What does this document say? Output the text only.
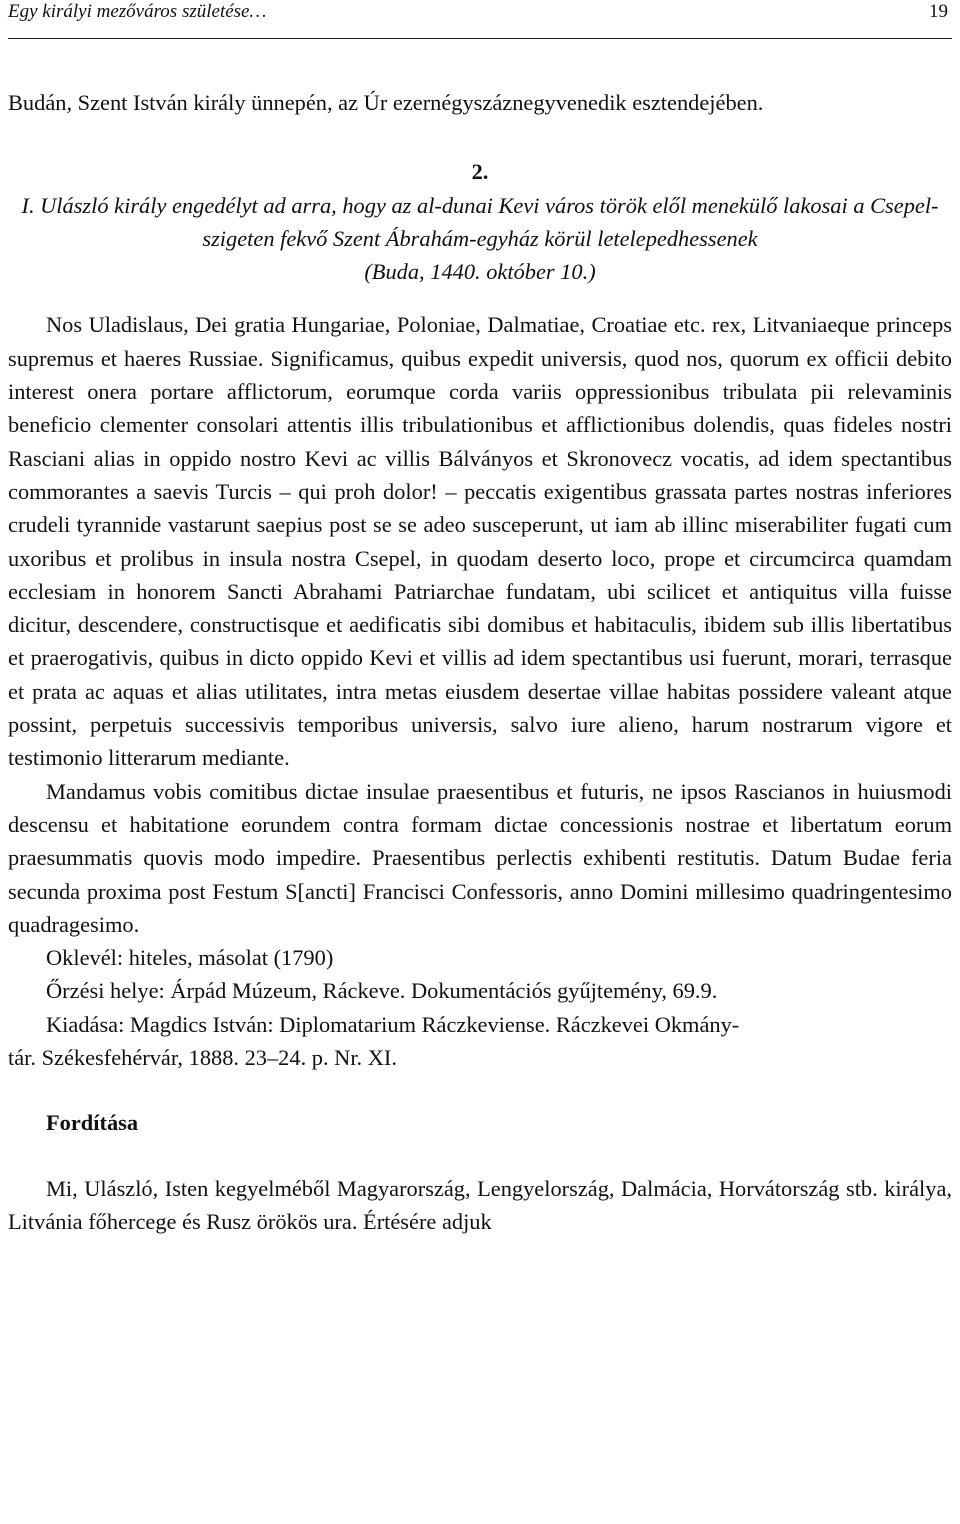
Egy királyi mezőváros születése…	19

Budán, Szent István király ünnepén, az Úr ezernégyszáznegyvenedik esztendejében.

2.

I. Ulászló király engedélyt ad arra, hogy az al-dunai Kevi város török elől menekülő lakosai a Csepel-szigeten fekvő Szent Ábrahám-egyház körül letelepedhessenek

(Buda, 1440. október 10.)

Nos Uladislaus, Dei gratia Hungariae, Poloniae, Dalmatiae, Croatiae etc. rex, Litvaniaeque princeps supremus et haeres Russiae. Significamus, quibus expedit universis, quod nos, quorum ex officii debito interest onera portare afflictorum, eorumque corda variis oppressionibus tribulata pii relevaminis beneficio clementer consolari attentis illis tribulationibus et afflictionibus dolendis, quas fideles nostri Rasciani alias in oppido nostro Kevi ac villis Bálványos et Skronovecz vocatis, ad idem spectantibus commorantes a saevis Turcis – qui proh dolor! – peccatis exigentibus grassata partes nostras inferiores crudeli tyrannide vastarunt saepius post se se adeo susceperunt, ut iam ab illinc miserabiliter fugati cum uxoribus et prolibus in insula nostra Csepel, in quodam deserto loco, prope et circumcirca quamdam ecclesiam in honorem Sancti Abrahami Patriarchae fundatam, ubi scilicet et antiquitus villa fuisse dicitur, descendere, constructisque et aedificatis sibi domibus et habitaculis, ibidem sub illis libertatibus et praerogativis, quibus in dicto oppido Kevi et villis ad idem spectantibus usi fuerunt, morari, terrasque et prata ac aquas et alias utilitates, intra metas eiusdem desertae villae habitas possidere valeant atque possint, perpetuis successivis temporibus universis, salvo iure alieno, harum nostrarum vigore et testimonio litterarum mediante.

Mandamus vobis comitibus dictae insulae praesentibus et futuris, ne ipsos Rascianos in huiusmodi descensu et habitatione eorundem contra formam dictae concessionis nostrae et libertatum eorum praesummatis quovis modo impedire. Praesentibus perlectis exhibenti restitutis. Datum Budae feria secunda proxima post Festum S[ancti] Francisci Confessoris, anno Domini millesimo quadringentesimo quadragesimo.

Oklevél: hiteles, másolat (1790)
Őrzési helye: Árpád Múzeum, Ráckeve. Dokumentációs gyűjtemény, 69.9.
Kiadása: Magdics István: Diplomatarium Ráczkeviense. Ráczkevei Okmány-
tár. Székesfehérvár, 1888. 23–24. p. Nr. XI.

Fordítása

Mi, Ulászló, Isten kegyelméből Magyarország, Lengyelország, Dalmácia, Horvátország stb. királya, Litvánia főhercege és Rusz örökös ura. Értésére adjuk
